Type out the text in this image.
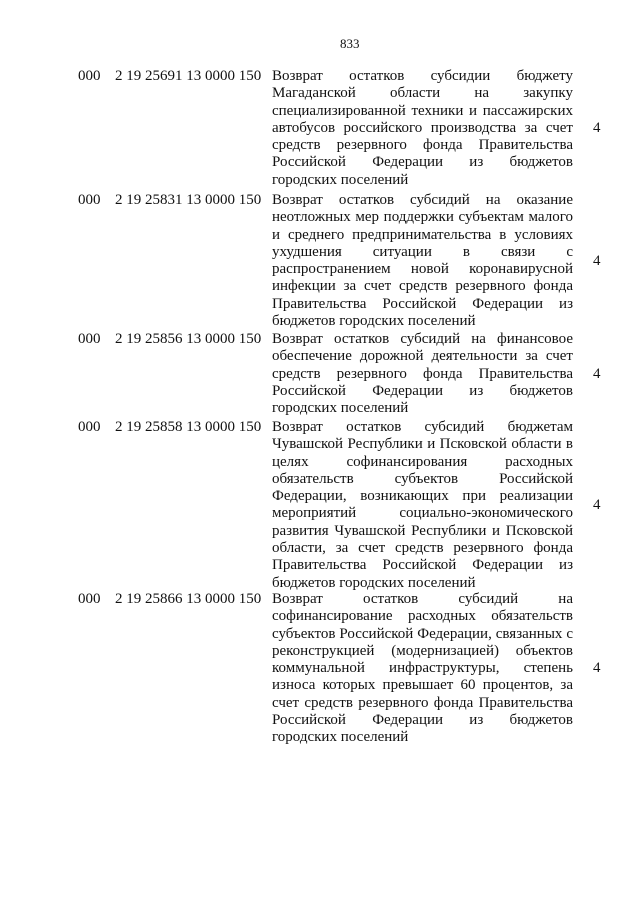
833
000 2 19 25691 13 0000 150 Возврат остатков субсидии бюджету
Магаданской области на закупку
специализированной техники и пассажирских
автобусов российского производства за счет
средств резервного фонда Правительства
Российской Федерации из бюджетов
городских поселений
4
000 2 19 25831 13 0000 150 Возврат остатков субсидий на оказание
неотложных мер поддержки субъектам малого
и среднего предпринимательства в условиях
ухудшения ситуации в связи с
распространением новой коронавирусной
инфекции за счет средств резервного фонда
Правительства Российской Федерации из
бюджетов городских поселений
4
000 2 19 25856 13 0000 150 Возврат остатков субсидий на финансовое
обеспечение дорожной деятельности за счет
средств резервного фонда Правительства
Российской Федерации из бюджетов
городских поселений
4
000 2 19 25858 13 0000 150 Возврат остатков субсидий бюджетам
Чувашской Республики и Псковской области в
целях софинансирования расходных
обязательств субъектов Российской
Федерации, возникающих при реализации
мероприятий социально-экономического
развития Чувашской Республики и Псковской
области, за счет средств резервного фонда
Правительства Российской Федерации из
бюджетов городских поселений
4
000 2 19 25866 13 0000 150 Возврат остатков субсидий на
софинансирование расходных обязательств
субъектов Российской Федерации, связанных с
реконструкцией (модернизацией) объектов
коммунальной инфраструктуры, степень
износа которых превышает 60 процентов, за
счет средств резервного фонда Правительства
Российской Федерации из бюджетов
городских поселений
4
